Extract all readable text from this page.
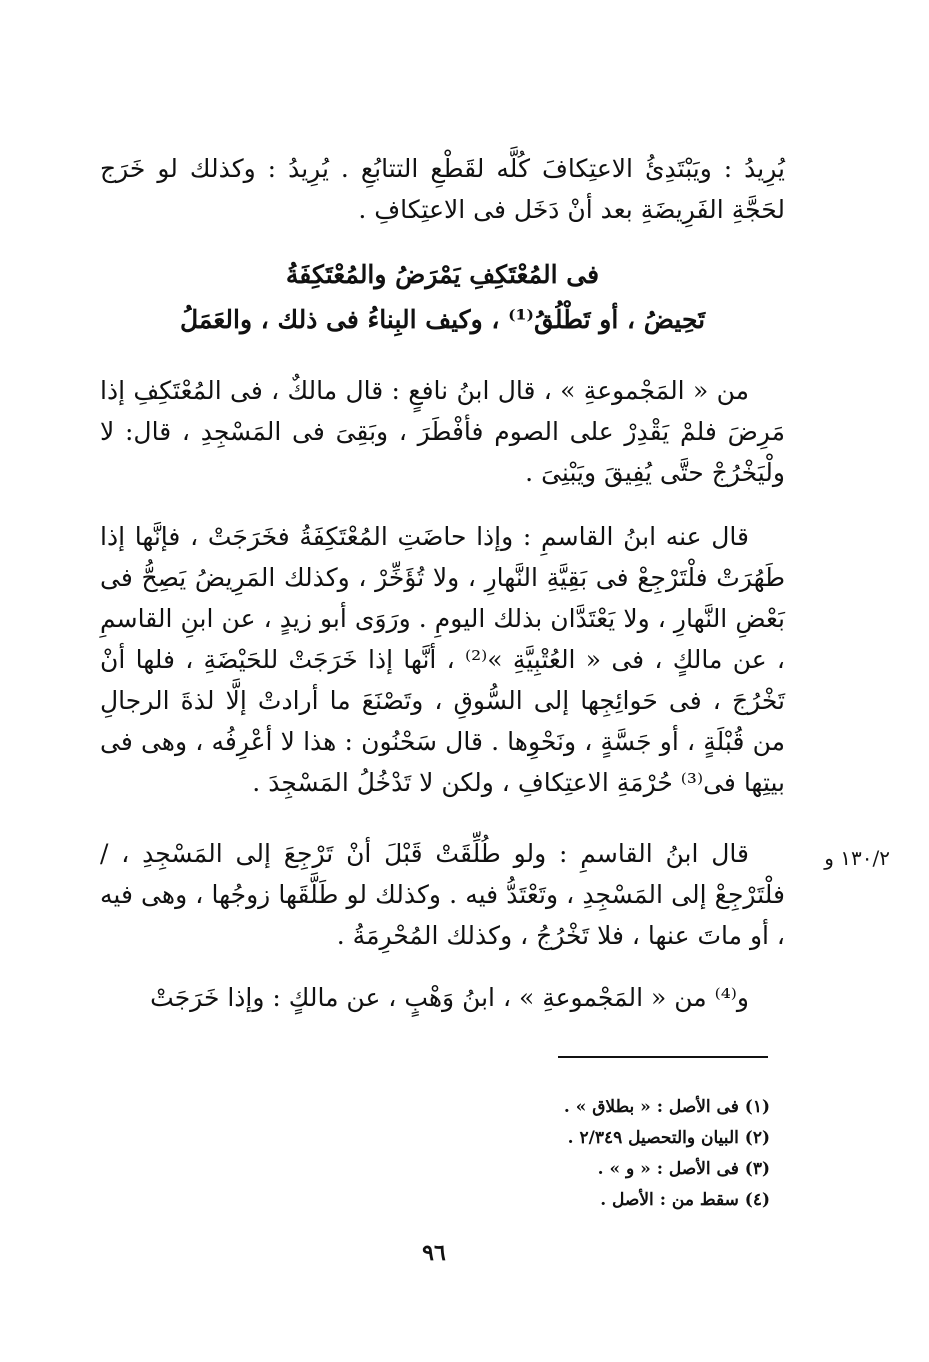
يُرِيدُ : ويَبْتَدِئُ الاعتِكافَ كُلَّه لقَطْعِ التتابُعِ . يُرِيدُ : وكذلك لو خَرَج لحَجَّةِ الفَرِيضَةِ بعد أنْ دَخَل فى الاعتِكافِ .
فى المُعْتَكِفِ يَمْرَضُ والمُعْتَكِفَةُ
تَحِيضُ ، أو تَطْلُقُ⁽¹⁾ ، وكيف البِناءُ فى ذلك ، والعَمَلُ
من « المَجْموعةِ » ، قال ابنُ نافعٍ : قال مالكٌ ، فى المُعْتَكِفِ إذا مَرِضَ فلمْ يَقْدِرْ على الصوم فأفْطَرَ ، وبَقِىَ فى المَسْجِدِ ، قال: لا ولْيَخْرُجْ حتَّى يُفِيقَ ويَبْنِىَ .
قال عنه ابنُ القاسمِ : وإذا حاضَتِ المُعْتَكِفَةُ فخَرَجَتْ ، فإنَّها إذا طَهُرَتْ فلْتَرْجِعْ فى بَقِيَّةِ النَّهارِ ، ولا تُؤَخِّرْ ، وكذلك المَرِيضُ يَصِحُّ فى بَعْضِ النَّهارِ ، ولا يَعْتَدَّان بذلك اليومِ . ورَوَى أبو زيدٍ ، عن ابنِ القاسمِ ، عن مالكٍ ، فى « العُتْبِيَّةِ »⁽²⁾ ، أنَّها إذا خَرَجَتْ للحَيْضَةِ ، فلها أنْ تَخْرُجَ ، فى حَوائِجِها إلى السُّوقِ ، وتَصْنَعَ ما أرادتْ إلَّا لذةَ الرجالِ من قُبْلَةٍ ، أو جَسَّةٍ ، ونَحْوِها . قال سَحْنُون : هذا لا أعْرِفُه ، وهى فى بيتِها فى⁽³⁾ حُرْمَةِ الاعتِكافِ ، ولكن لا تَدْخُلُ المَسْجِدَ .
قال ابنُ القاسمِ : ولو طُلِّقَتْ قَبْلَ أنْ تَرْجِعَ إلى المَسْجِدِ ، / فلْتَرْجِعْ إلى المَسْجِدِ ، وتَعْتَدُّ فيه . وكذلك لو طَلَّقَها زوجُها ، وهى فيه ، أو ماتَ عنها ، فلا تَخْرُجُ ، وكذلك المُحْرِمَةُ .
و⁽⁴⁾ من « المَجْموعةِ » ، ابنُ وَهْبٍ ، عن مالكٍ : وإذا خَرَجَتْ
١٣٠/٢ و
(١) فى الأصل : « بطلاق » .
(٢) البيان والتحصيل ٢/٣٤٩ .
(٣) فى الأصل : « و » .
(٤) سقط من : الأصل .
٩٦
